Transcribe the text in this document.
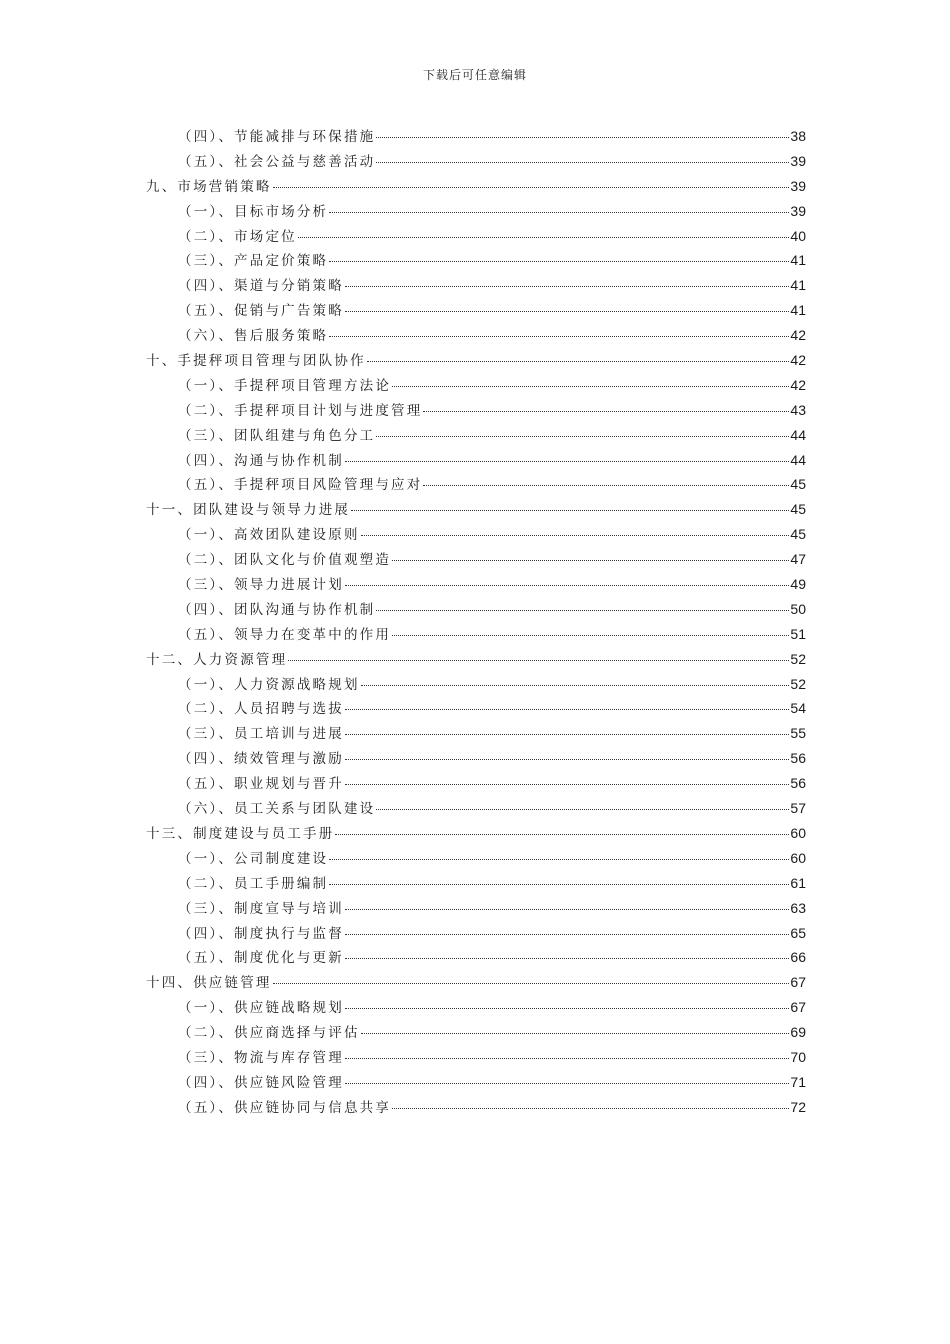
下载后可任意编辑
（四）、节能减排与环保措施	38
（五）、社会公益与慈善活动	39
九、市场营销策略	39
（一）、目标市场分析	39
（二）、市场定位	40
（三）、产品定价策略	41
（四）、渠道与分销策略	41
（五）、促销与广告策略	41
（六）、售后服务策略	42
十、手提秤项目管理与团队协作	42
（一）、手提秤项目管理方法论	42
（二）、手提秤项目计划与进度管理	43
（三）、团队组建与角色分工	44
（四）、沟通与协作机制	44
（五）、手提秤项目风险管理与应对	45
十一、团队建设与领导力进展	45
（一）、高效团队建设原则	45
（二）、团队文化与价值观塑造	47
（三）、领导力进展计划	49
（四）、团队沟通与协作机制	50
（五）、领导力在变革中的作用	51
十二、人力资源管理	52
（一）、人力资源战略规划	52
（二）、人员招聘与选拔	54
（三）、员工培训与进展	55
（四）、绩效管理与激励	56
（五）、职业规划与晋升	56
（六）、员工关系与团队建设	57
十三、制度建设与员工手册	60
（一）、公司制度建设	60
（二）、员工手册编制	61
（三）、制度宣导与培训	63
（四）、制度执行与监督	65
（五）、制度优化与更新	66
十四、供应链管理	67
（一）、供应链战略规划	67
（二）、供应商选择与评估	69
（三）、物流与库存管理	70
（四）、供应链风险管理	71
（五）、供应链协同与信息共享	72
